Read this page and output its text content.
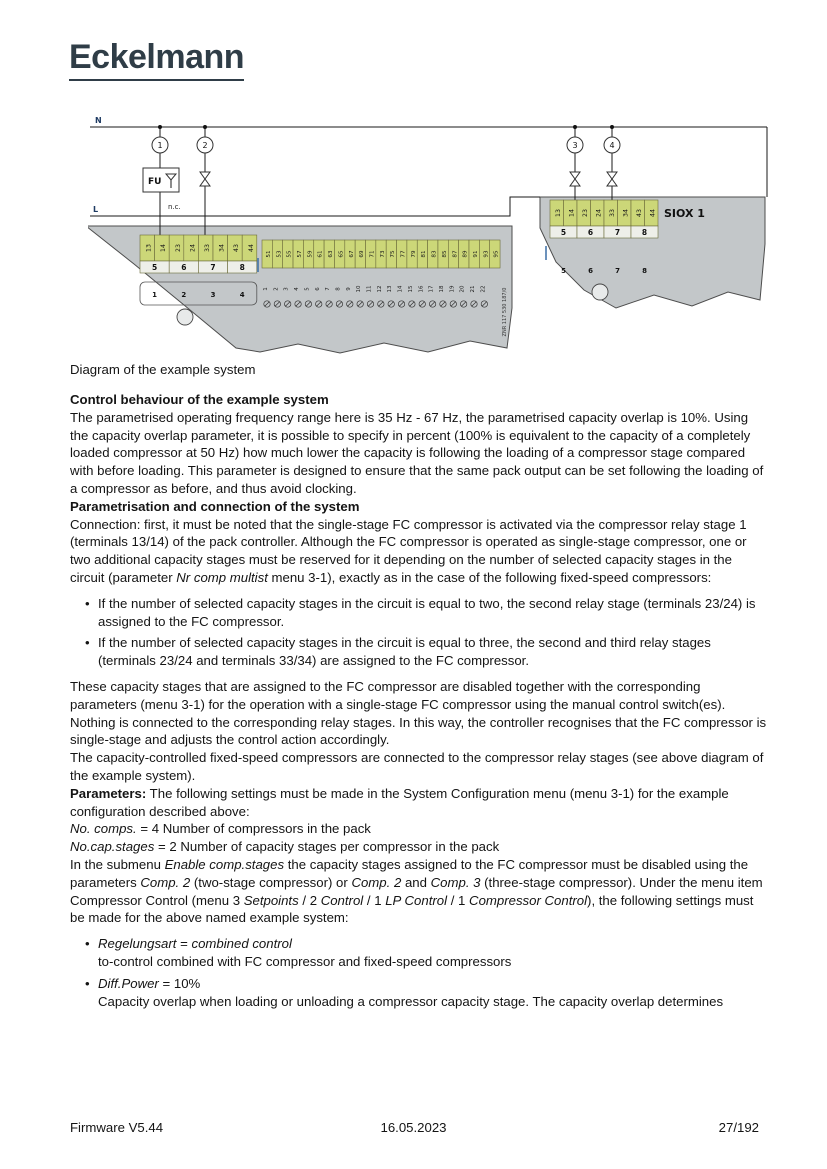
Eckelmann
N
L	n.c.
FU
1	2	3	4
13 14 23 24 33 34 43 44
5	6	7	8
1	2	3	4
51 53 55 57 59 61 63 65 67 69 71 73 75 77 79 81 83 85 87 89 91 93 95
1 2 3 4 5 6 7 8 9 10 11 12 13 14 15 16 17 18 19 20 21 22
13 14 23 24 33 34 43 44
5	6	7	8
5	6	7	8
SIOX 1
ZNR 117 530 187/0
Diagram of the example system
Control behaviour of the example system

The parametrised operating frequency range here is 35 Hz - 67 Hz, the parametrised capacity overlap is 10%. Using the capacity overlap parameter, it is possible to specify in percent (100% is equivalent to the capacity of a completely loaded compressor at 50 Hz) how much lower the capacity is following the loading of a compressor stage compared with before loading. This parameter is designed to ensure that the same pack output can be set following the loading of a compressor as before, and thus avoid clocking.

Parametrisation and connection of the system

Connection: first, it must be noted that the single-stage FC compressor is activated via the compressor relay stage 1 (terminals 13/14) of the pack controller. Although the FC compressor is operated as single-stage compressor, one or two additional capacity stages must be reserved for it depending on the number of selected capacity stages in the circuit (parameter Nr comp multist menu 3-1), exactly as in the case of the following fixed-speed compressors:

• If the number of selected capacity stages in the circuit is equal to two, the second relay stage (terminals 23/24) is assigned to the FC compressor.
• If the number of selected capacity stages in the circuit is equal to three, the second and third relay stages (terminals 23/24 and terminals 33/34) are assigned to the FC compressor.

These capacity stages that are assigned to the FC compressor are disabled together with the corresponding parameters (menu 3-1) for the operation with a single-stage FC compressor using the manual control switch(es). Nothing is connected to the corresponding relay stages. In this way, the controller recognises that the FC compressor is single-stage and adjusts the control action accordingly.
The capacity-controlled fixed-speed compressors are connected to the compressor relay stages (see above diagram of the example system).

Parameters: The following settings must be made in the System Configuration menu (menu 3-1) for the example configuration described above:
No. comps. = 4 Number of compressors in the pack
No.cap.stages = 2 Number of capacity stages per compressor in the pack

In the submenu Enable comp.stages the capacity stages assigned to the FC compressor must be disabled using the parameters Comp. 2 (two-stage compressor) or Comp. 2 and Comp. 3 (three-stage compressor). Under the menu item Compressor Control (menu 3 Setpoints / 2 Control / 1 LP Control / 1 Compressor Control), the following settings must be made for the above named example system:

• Regelungsart = combined control
to-control combined with FC compressor and fixed-speed compressors
• Diff.Power = 10%
Capacity overlap when loading or unloading a compressor capacity stage. The capacity overlap determines
Firmware V5.44	16.05.2023	27/192
